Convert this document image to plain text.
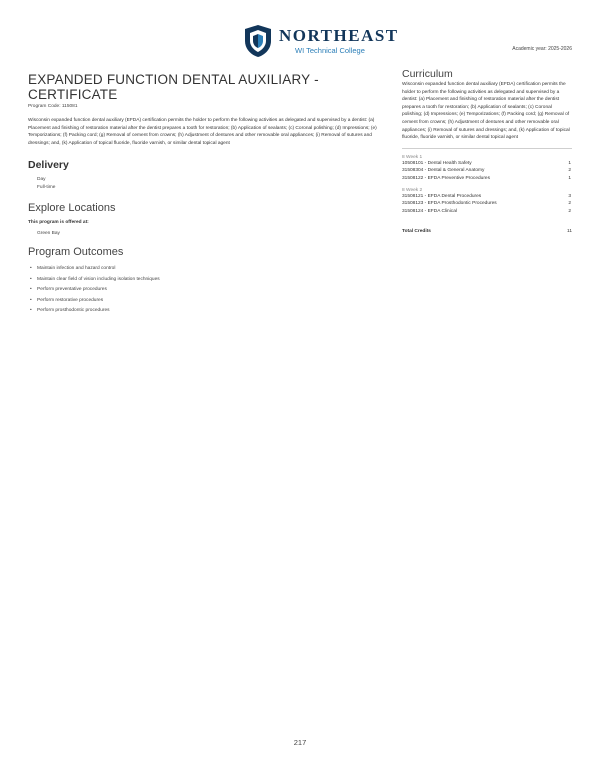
NORTHEAST
WI Technical College	Academic year: 2025-2026
EXPANDED FUNCTION DENTAL AUXILIARY - CERTIFICATE
Program Code: 115081
Wisconsin expanded function dental auxiliary (EFDA) certification permits the holder to perform the following activities as delegated and supervised by a dentist: (a) Placement and finishing of restoration material after the dentist prepares a tooth for restoration; (b) Application of sealants; (c) Coronal polishing; (d) Impressions; (e) Temporizations; (f) Packing cord; (g) Removal of cement from crowns; (h) Adjustment of dentures and other removable oral appliances; (i) Removal of sutures and dressings; and, (k) Application of topical fluoride, fluoride varnish, or similar dental topical agent
Delivery
Day
Full-time
Explore Locations
This program is offered at:
Green Bay
Program Outcomes
• Maintain infection and hazard control
• Maintain clear field of vision including isolation techniques
• Perform preventative procedures
• Perform restorative procedures
• Perform prosthodontic procedures
Curriculum
Wisconsin expanded function dental auxiliary (EFDA) certification permits the holder to perform the following activities as delegated and supervised by a dentist: (a) Placement and finishing of restoration material after the dentist prepares a tooth for restoration; (b) Application of sealants; (c) Coronal polishing; (d) Impressions; (e) Temporizations; (f) Packing cord; (g) Removal of cement from crowns; (h) Adjustment of dentures and other removable oral appliances; (i) Removal of sutures and dressings; and, (k) Application of topical fluoride, fluoride varnish, or similar dental topical agent
8 Week 1
10508101 - Dental Health Safety	1
31508304 - Dental & General Anatomy	2
31508122 - EFDA Preventive Procedures	1
8 Week 2
31508121 - EFDA Dental Procedures	3
31508123 - EFDA Prosthodontic Procedures	2
31508124 - EFDA Clinical	2
Total Credits	11
217
